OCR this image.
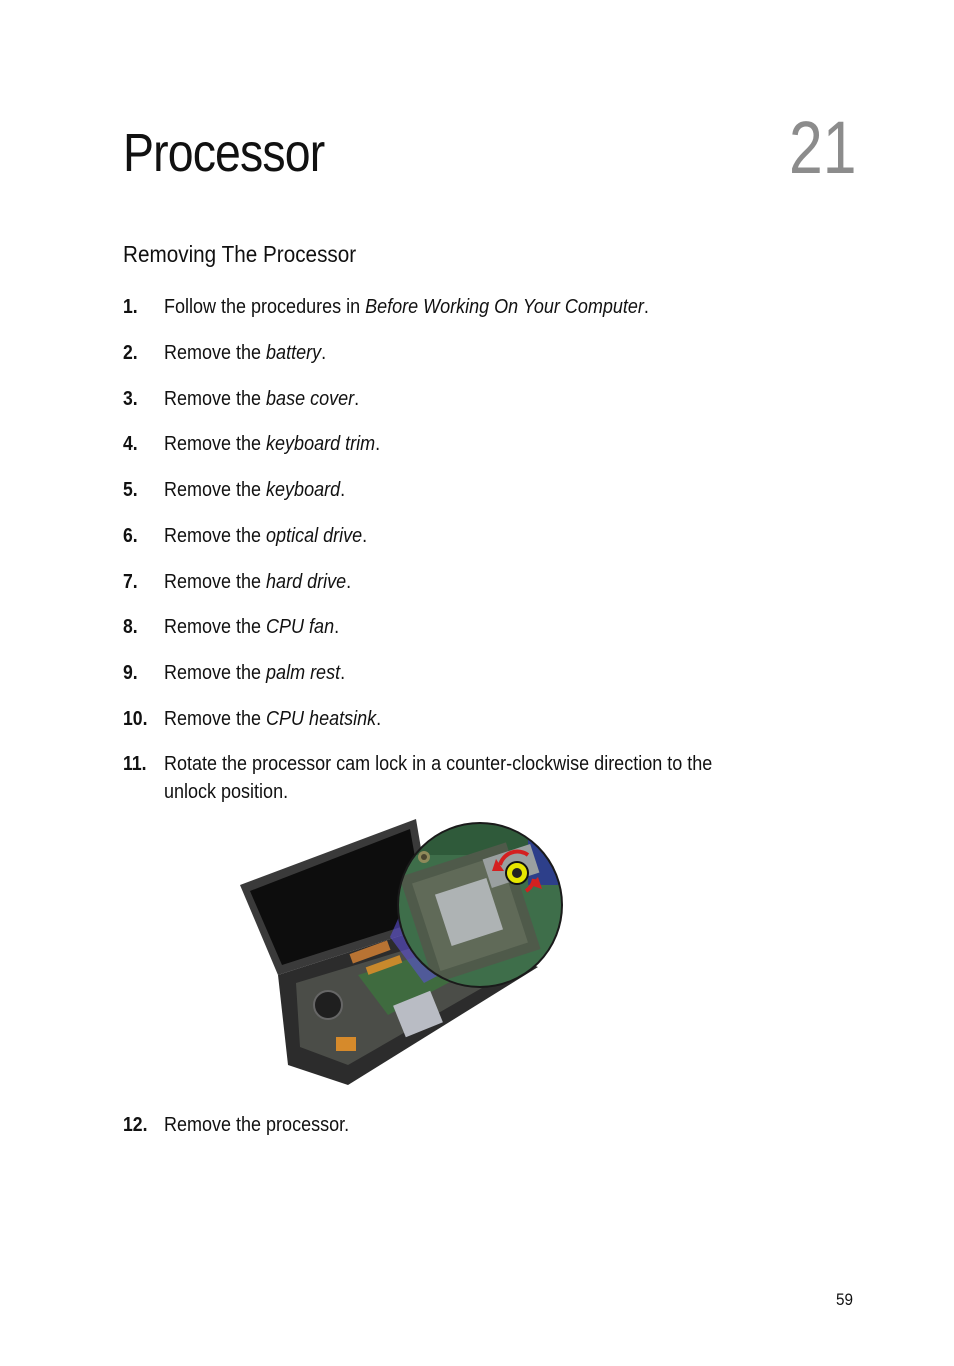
Processor	21
Removing The Processor
1. Follow the procedures in Before Working On Your Computer.
2. Remove the battery.
3. Remove the base cover.
4. Remove the keyboard trim.
5. Remove the keyboard.
6. Remove the optical drive.
7. Remove the hard drive.
8. Remove the CPU fan.
9. Remove the palm rest.
10. Remove the CPU heatsink.
11. Rotate the processor cam lock in a counter-clockwise direction to the
unlock position.
12. Remove the processor.
59
